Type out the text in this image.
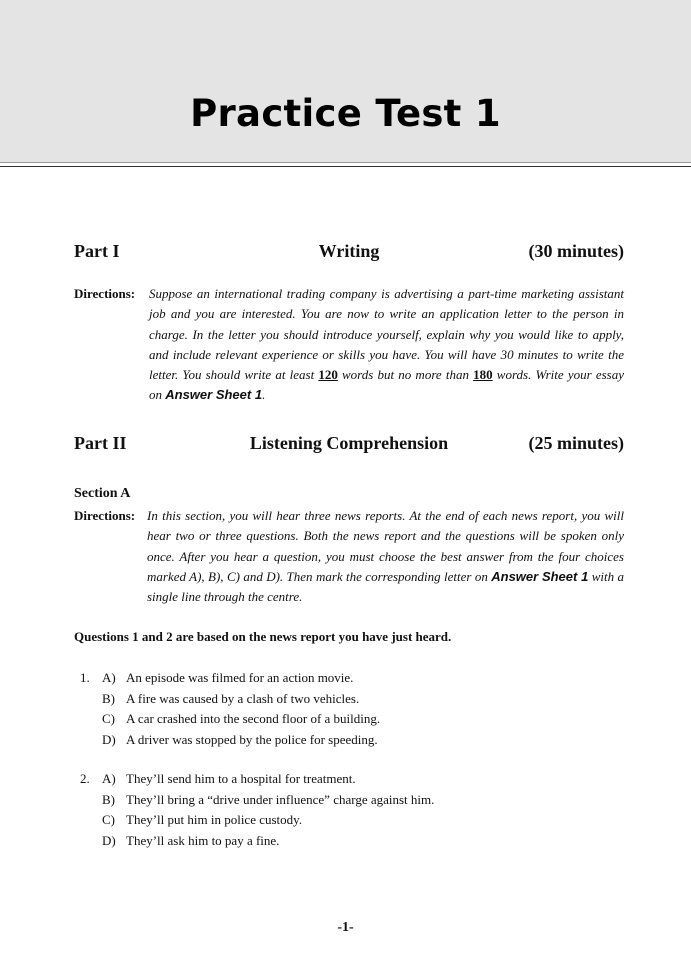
Practice Test 1
Part I	Writing	(30 minutes)
Directions: Suppose an international trading company is advertising a part-time marketing assistant job and you are interested. You are now to write an application letter to the person in charge. In the letter you should introduce yourself, explain why you would like to apply, and include relevant experience or skills you have. You will have 30 minutes to write the letter. You should write at least 120 words but no more than 180 words. Write your essay on Answer Sheet 1.
Part II	Listening Comprehension	(25 minutes)
Section A
Directions: In this section, you will hear three news reports. At the end of each news report, you will hear two or three questions. Both the news report and the questions will be spoken only once. After you hear a question, you must choose the best answer from the four choices marked A), B), C) and D). Then mark the corresponding letter on Answer Sheet 1 with a single line through the centre.
Questions 1 and 2 are based on the news report you have just heard.
1. A) An episode was filmed for an action movie.
B) A fire was caused by a clash of two vehicles.
C) A car crashed into the second floor of a building.
D) A driver was stopped by the police for speeding.
2. A) They’ll send him to a hospital for treatment.
B) They’ll bring a “drive under influence” charge against him.
C) They’ll put him in police custody.
D) They’ll ask him to pay a fine.
-1-
